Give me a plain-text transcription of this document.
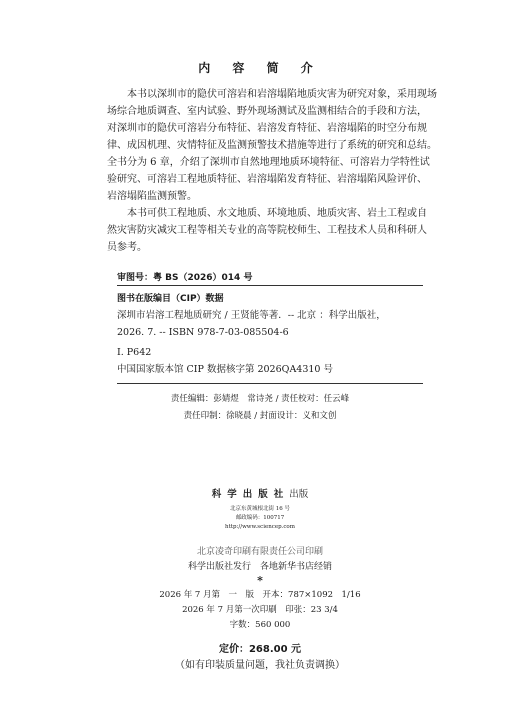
内 容 简 介

本书以深圳市的隐伏可溶岩和岩溶塌陷地质灾害为研究对象，采用现场
场综合地质调查、室内试验、野外现场测试及监测相结合的手段和方法，
对深圳市的隐伏可溶岩分布特征、岩溶发育特征、岩溶塌陷的时空分布规
律、成因机理、灾情特征及监测预警技术措施等进行了系统的研究和总结。
全书分为 6 章，介绍了深圳市自然地理地质环境特征、可溶岩力学特性试
验研究、可溶岩工程地质特征、岩溶塌陷发育特征、岩溶塌陷风险评价、
岩溶塌陷监测预警。

本书可供工程地质、水文地质、环境地质、地质灾害、岩土工程或自
然灾害防灾减灾工程等相关专业的高等院校师生、工程技术人员和科研人
员参考。

审图号：粤 BS（2026）014 号
图书在版编目（CIP）数据
深圳市岩溶工程地质研究 / 王贤能等著．-- 北京 ：科学出版社，
2026. 7. -- ISBN 978-7-03-085504-6
Ⅰ. P642
中国国家版本馆 CIP 数据核字第 2026QA4310 号
责任编辑：彭婧煜　常诗尧 / 责任校对：任云峰
责任印制：徐晓晨 / 封面设计：义和文创
科学出版社出版
北京东黄城根北街 16 号
邮政编码：100717
http://www.sciencep.com
北京凌奇印刷有限责任公司印刷
科学出版社发行　各地新华书店经销
*
2026 年 7 月第　一　版　开本：787×1092　1/16
2026 年 7 月第一次印刷　印张：23 3/4
字数：560 000
定价：268.00 元
（如有印装质量问题，我社负责调换）
